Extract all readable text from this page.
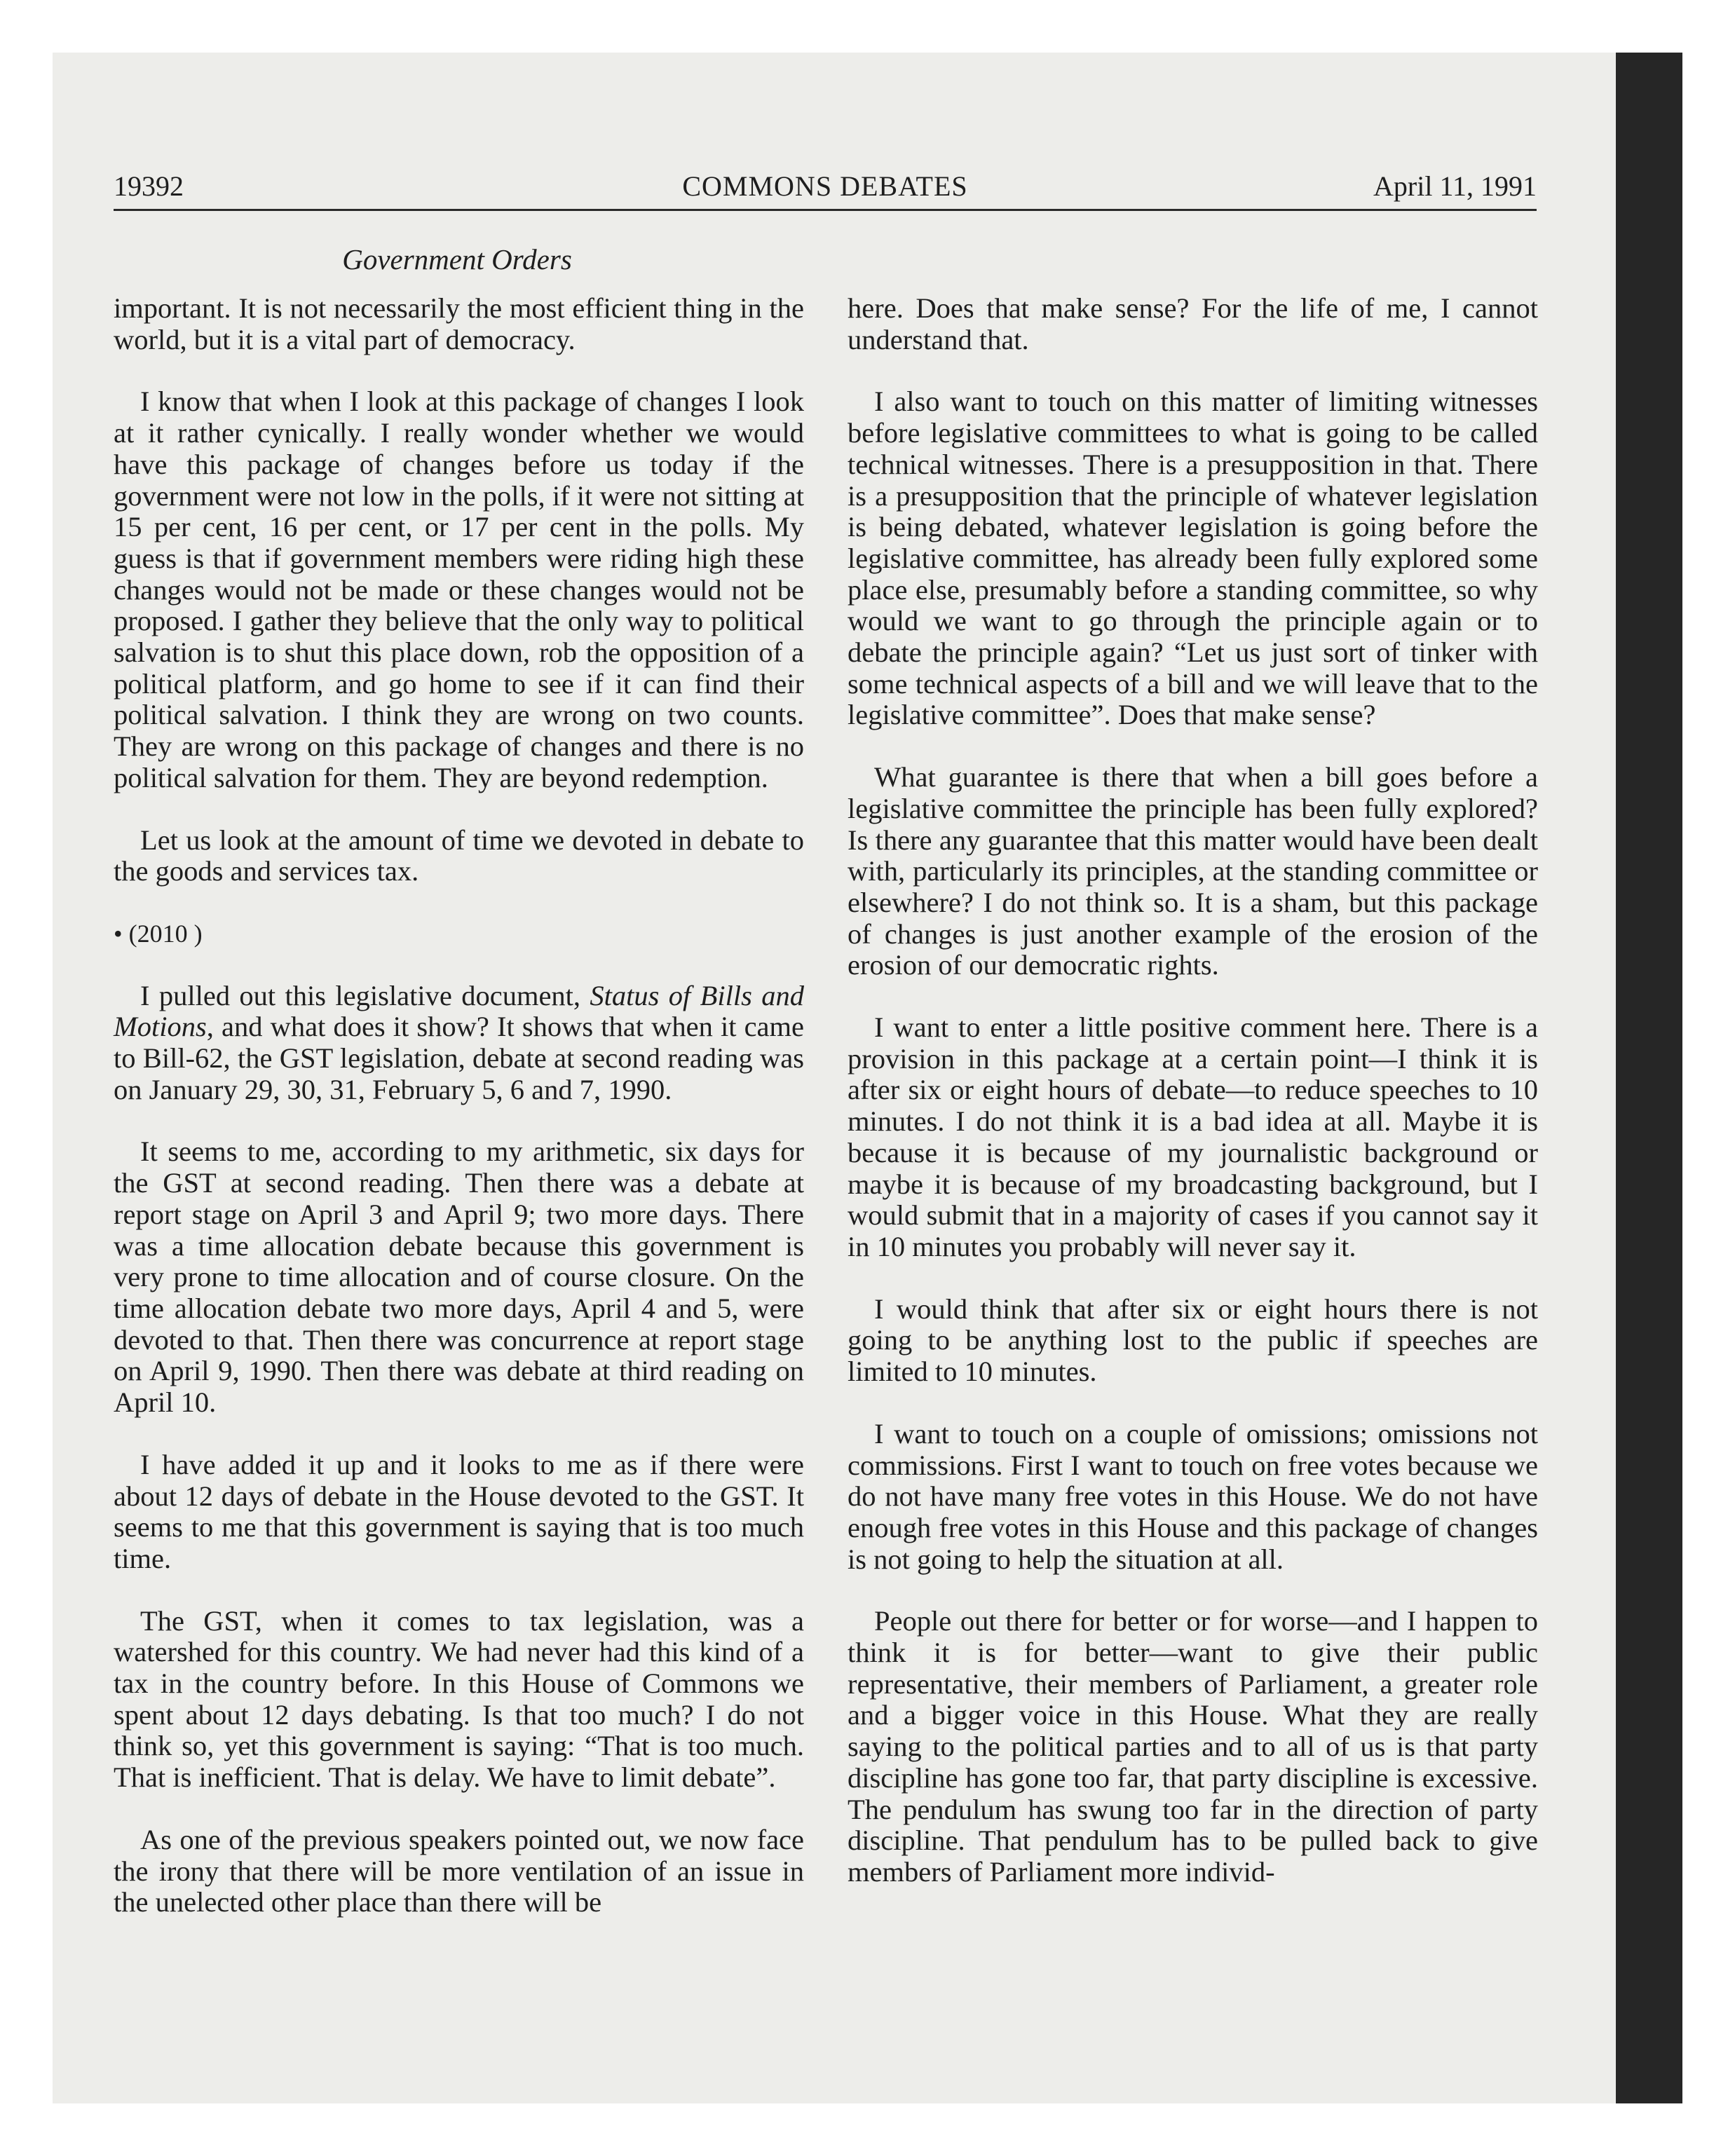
19392	COMMONS DEBATES	April 11, 1991
Government Orders

important. It is not necessarily the most efficient thing in the world, but it is a vital part of democracy.

I know that when I look at this package of changes I look at it rather cynically. I really wonder whether we would have this package of changes before us today if the government were not low in the polls, if it were not sitting at 15 per cent, 16 per cent, or 17 per cent in the polls. My guess is that if government members were riding high these changes would not be made or these changes would not be proposed. I gather they believe that the only way to political salvation is to shut this place down, rob the opposition of a political platform, and go home to see if it can find their political salvation. I think they are wrong on two counts. They are wrong on this package of changes and there is no political salvation for them. They are beyond redemption.

Let us look at the amount of time we devoted in debate to the goods and services tax.

• (2010 )

I pulled out this legislative document, Status of Bills and Motions, and what does it show? It shows that when it came to Bill-62, the GST legislation, debate at second reading was on January 29, 30, 31, February 5, 6 and 7, 1990.

It seems to me, according to my arithmetic, six days for the GST at second reading. Then there was a debate at report stage on April 3 and April 9; two more days. There was a time allocation debate because this government is very prone to time allocation and of course closure. On the time allocation debate two more days, April 4 and 5, were devoted to that. Then there was concurrence at report stage on April 9, 1990. Then there was debate at third reading on April 10.

I have added it up and it looks to me as if there were about 12 days of debate in the House devoted to the GST. It seems to me that this government is saying that is too much time.

The GST, when it comes to tax legislation, was a watershed for this country. We had never had this kind of a tax in the country before. In this House of Commons we spent about 12 days debating. Is that too much? I do not think so, yet this government is saying: “That is too much. That is inefficient. That is delay. We have to limit debate”.

As one of the previous speakers pointed out, we now face the irony that there will be more ventilation of an issue in the unelected other place than there will be

here. Does that make sense? For the life of me, I cannot understand that.

I also want to touch on this matter of limiting witnesses before legislative committees to what is going to be called technical witnesses. There is a presupposition in that. There is a presupposition that the principle of whatever legislation is being debated, whatever legislation is going before the legislative committee, has already been fully explored some place else, presumably before a standing committee, so why would we want to go through the principle again or to debate the principle again? “Let us just sort of tinker with some technical aspects of a bill and we will leave that to the legislative committee”. Does that make sense?

What guarantee is there that when a bill goes before a legislative committee the principle has been fully explored? Is there any guarantee that this matter would have been dealt with, particularly its principles, at the standing committee or elsewhere? I do not think so. It is a sham, but this package of changes is just another example of the erosion of the erosion of our democratic rights.

I want to enter a little positive comment here. There is a provision in this package at a certain point—I think it is after six or eight hours of debate—to reduce speeches to 10 minutes. I do not think it is a bad idea at all. Maybe it is because it is because of my journalistic background or maybe it is because of my broadcasting background, but I would submit that in a majority of cases if you cannot say it in 10 minutes you probably will never say it.

I would think that after six or eight hours there is not going to be anything lost to the public if speeches are limited to 10 minutes.

I want to touch on a couple of omissions; omissions not commissions. First I want to touch on free votes because we do not have many free votes in this House. We do not have enough free votes in this House and this package of changes is not going to help the situation at all.

People out there for better or for worse—and I happen to think it is for better—want to give their public representative, their members of Parliament, a greater role and a bigger voice in this House. What they are really saying to the political parties and to all of us is that party discipline has gone too far, that party discipline is excessive. The pendulum has swung too far in the direction of party discipline. That pendulum has to be pulled back to give members of Parliament more individ-
